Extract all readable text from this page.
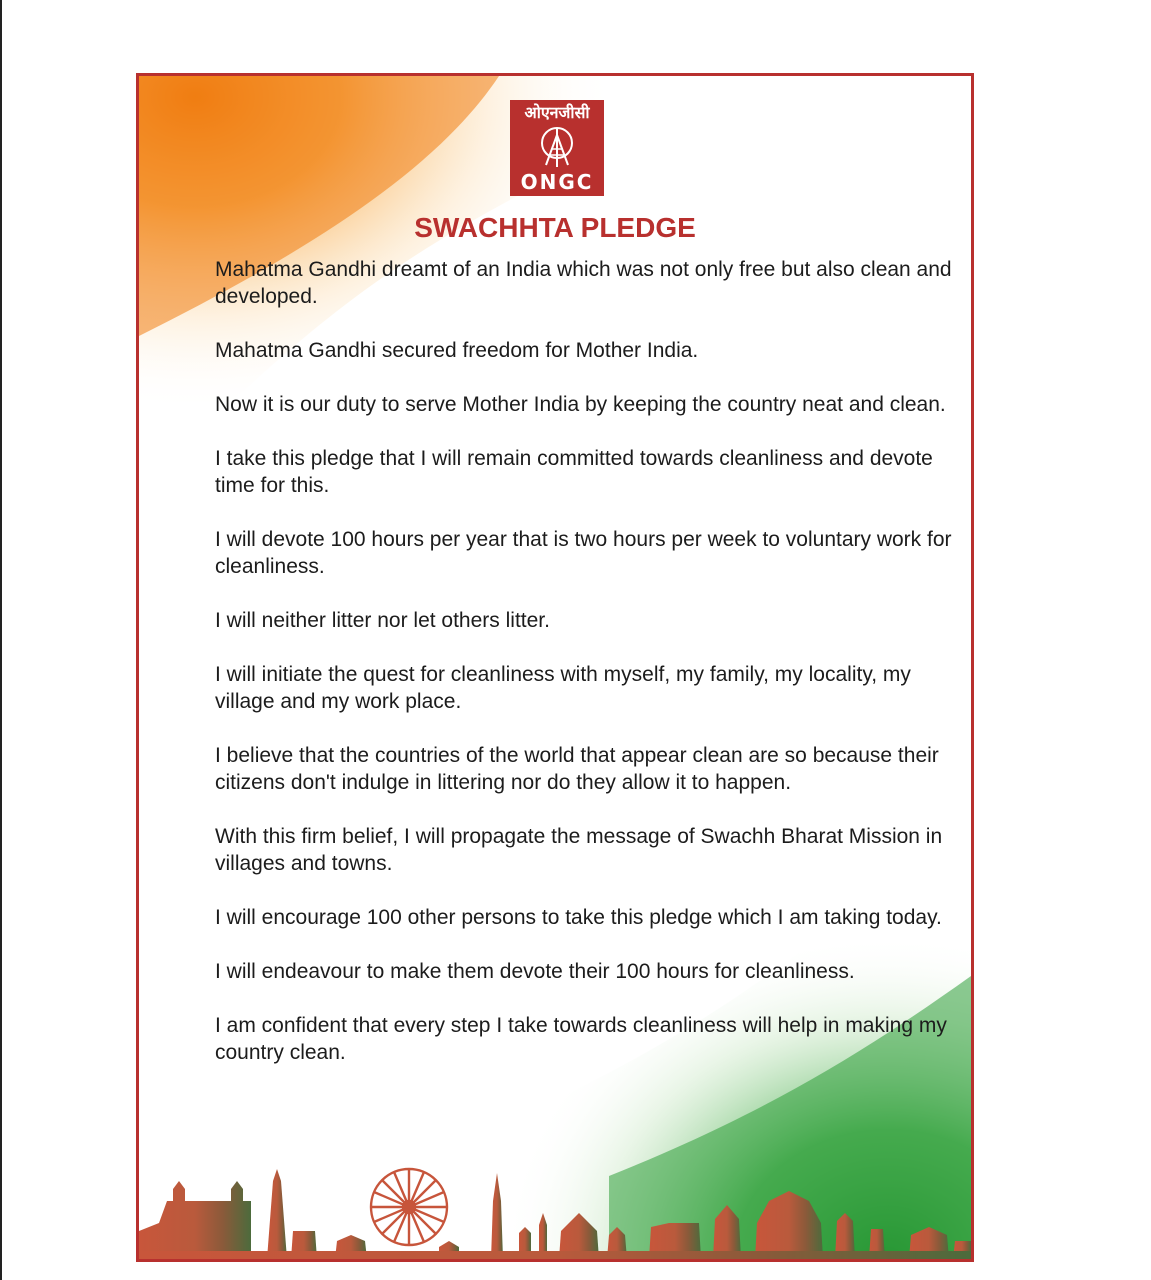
ओएनजीसी
ONGC
SWACHHTA PLEDGE
Mahatma Gandhi dreamt of an India which was not only free but also clean and developed.
Mahatma Gandhi secured freedom for Mother India.
Now it is our duty to serve Mother India by keeping the country neat and clean.
I take this pledge that I will remain committed towards cleanliness and devote time for this.
I will devote 100 hours per year that is two hours per week to voluntary work for cleanliness.
I will neither litter nor let others litter.
I will initiate the quest for cleanliness with myself, my family, my locality, my village and my work place.
I believe that the countries of the world that appear clean are so because their citizens don't indulge in littering nor do they allow it to happen.
With this firm belief, I will propagate the message of Swachh Bharat Mission in villages and towns.
I will encourage 100 other persons to take this pledge which I am taking today.
I will endeavour to make them devote their 100 hours for cleanliness.
I am confident that every step I take towards cleanliness will help in making my country clean.
